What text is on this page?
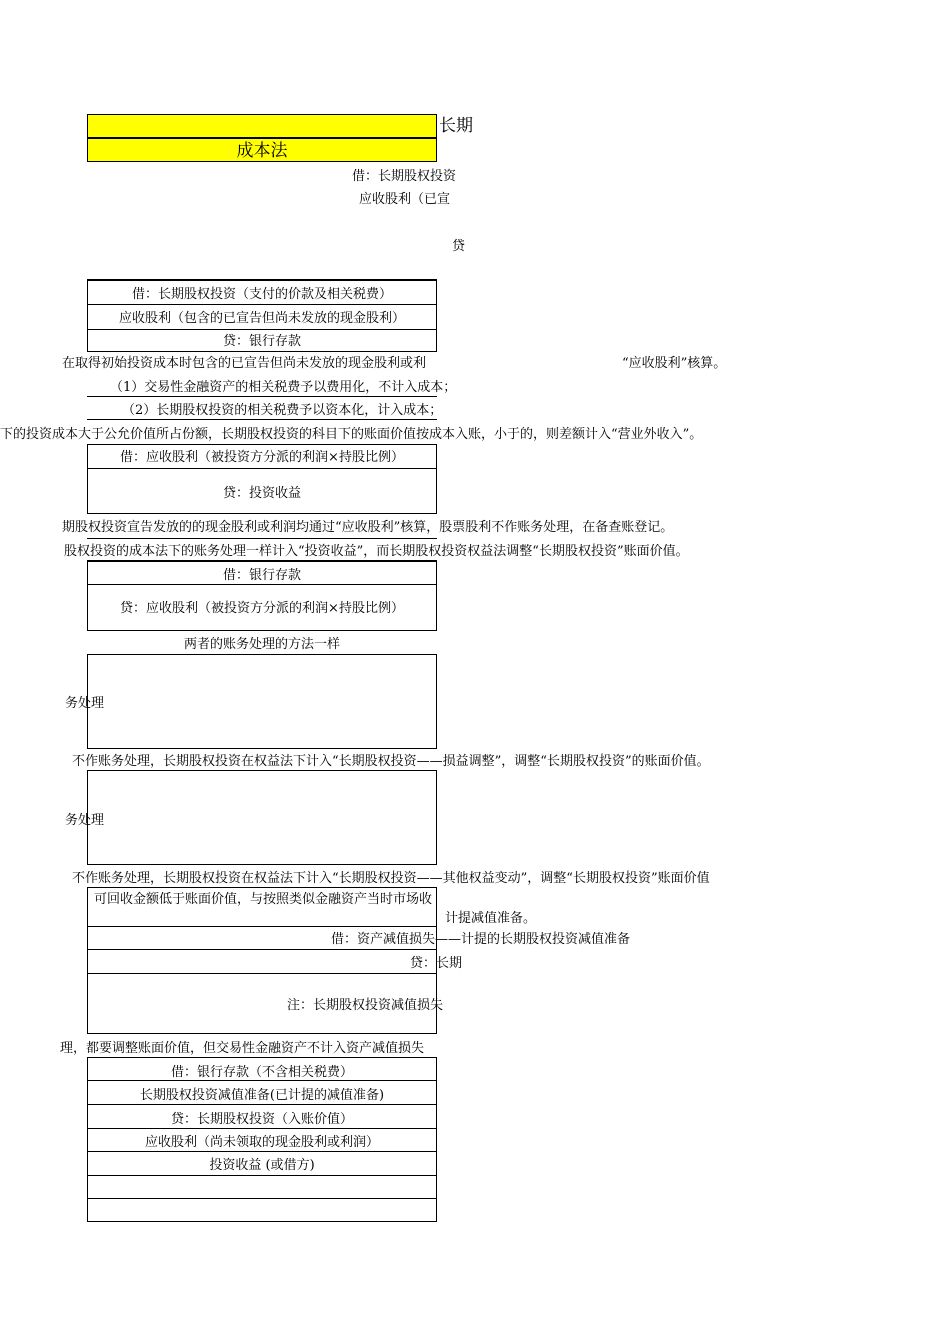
成本法
长期
借：长期股权投资
应收股利（已宣
贷
借：长期股权投资（支付的价款及相关税费）
应收股利（包含的已宣告但尚未发放的现金股利）
贷：银行存款
在取得初始投资成本时包含的已宣告但尚未发放的现金股利或利	“应收股利”核算。
（1）交易性金融资产的相关税费予以费用化，不计入成本；
（2）长期股权投资的相关税费予以资本化，计入成本；
下的投资成本大于公允价值所占份额，长期股权投资的科目下的账面价值按成本入账，小于的，则差额计入“营业外收入”。
借：应收股利（被投资方分派的利润×持股比例）
贷：投资收益
期股权投资宣告发放的的现金股利或利润均通过“应收股利”核算，股票股利不作账务处理，在备查账登记。
股权投资的成本法下的账务处理一样计入“投资收益”，而长期股权投资权益法调整“长期股权投资”账面价值。
借：银行存款
贷：应收股利（被投资方分派的利润×持股比例）
两者的账务处理的方法一样
务处理
不作账务处理，长期股权投资在权益法下计入“长期股权投资——损益调整”，调整“长期股权投资”的账面价值。
务处理
不作账务处理，长期股权投资在权益法下计入“长期股权投资——其他权益变动”，调整“长期股权投资”账面价值
可回收金额低于账面价值，与按照类似金融资产当时市场收
计提减值准备。
借：资产减值损失——计提的长期股权投资减值准备
贷：长期
注：长期股权投资减值损失
理，都要调整账面价值，但交易性金融资产不计入资产减值损失
借：银行存款（不含相关税费）
长期股权投资减值准备(已计提的减值准备)
贷：长期股权投资（入账价值）
应收股利（尚未领取的现金股利或利润）
投资收益 (或借方)
